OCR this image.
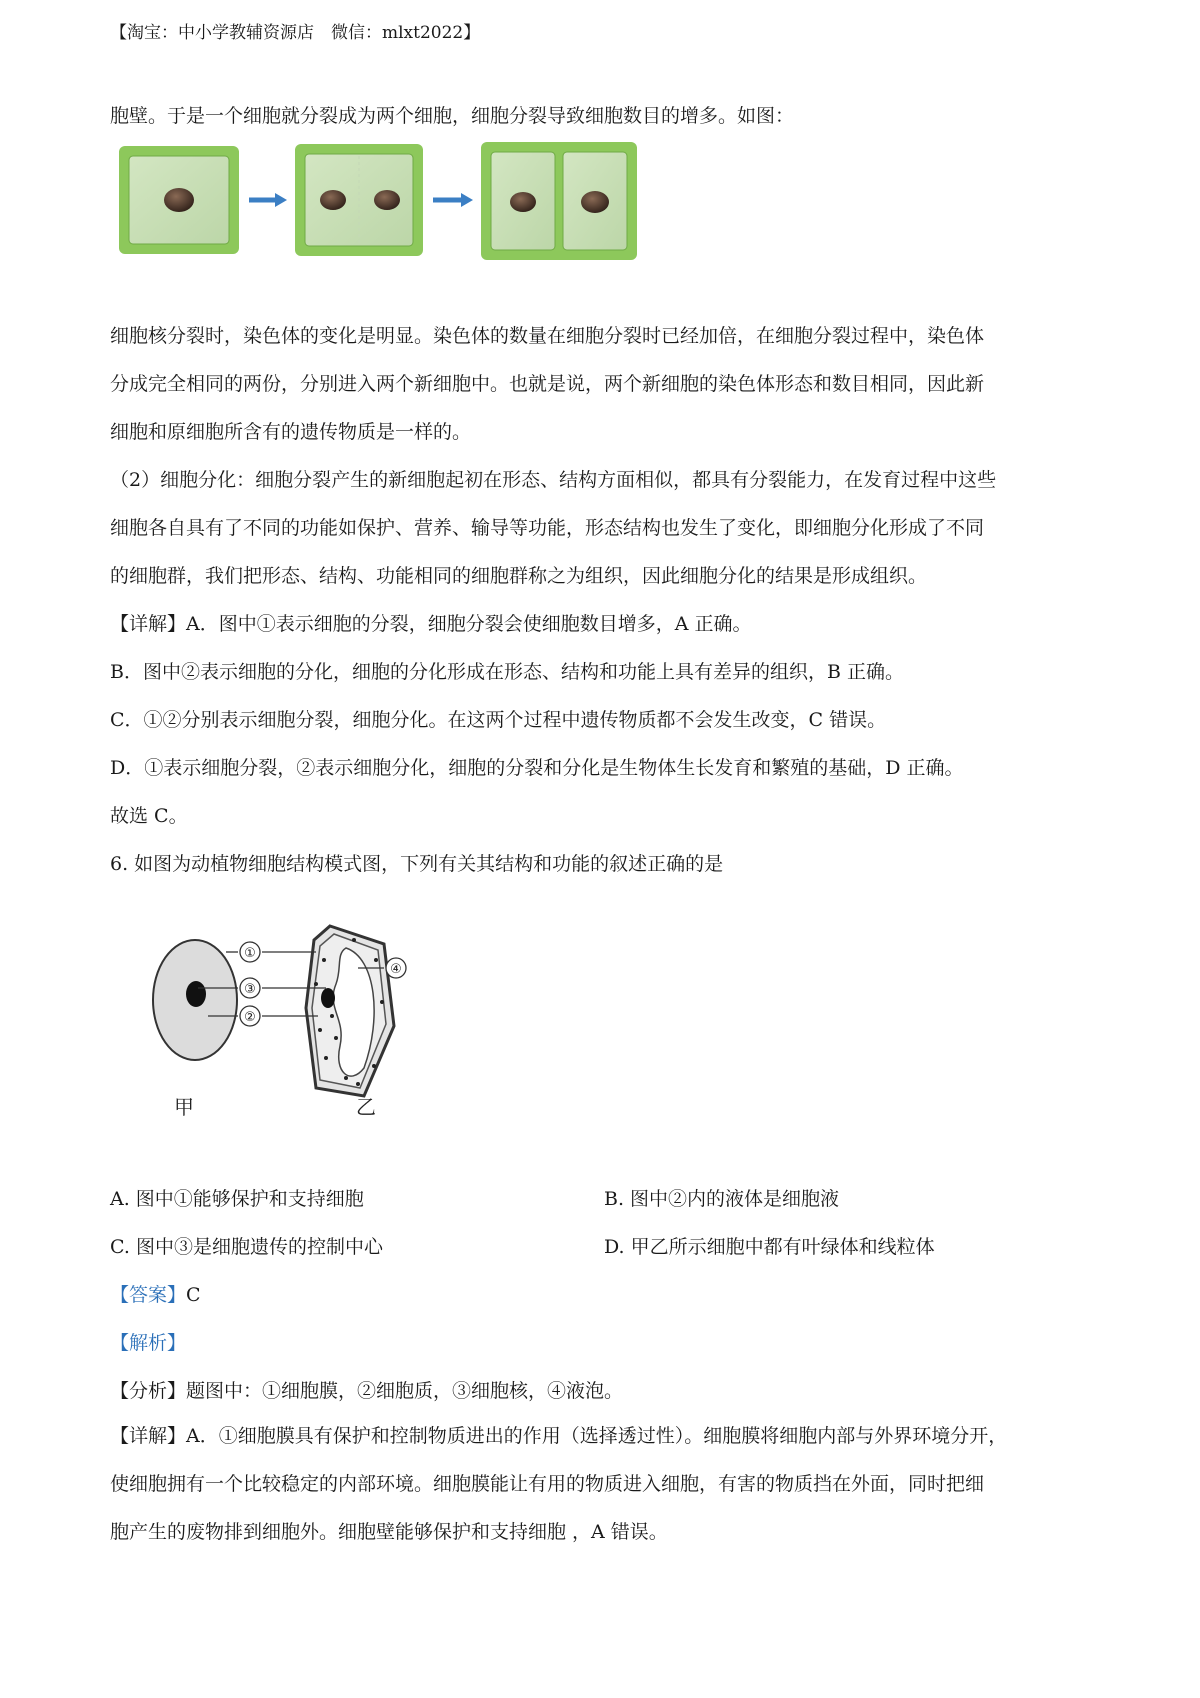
【淘宝：中小学教辅资源店　微信：mlxt2022】

胞壁。于是一个细胞就分裂成为两个细胞，细胞分裂导致细胞数目的增多。如图：

细胞核分裂时，染色体的变化是明显。染色体的数量在细胞分裂时已经加倍，在细胞分裂过程中，染色体
分成完全相同的两份，分别进入两个新细胞中。也就是说，两个新细胞的染色体形态和数目相同，因此新
细胞和原细胞所含有的遗传物质是一样的。

（2）细胞分化：细胞分裂产生的新细胞起初在形态、结构方面相似，都具有分裂能力，在发育过程中这些
细胞各自具有了不同的功能如保护、营养、输导等功能，形态结构也发生了变化，即细胞分化形成了不同
的细胞群，我们把形态、结构、功能相同的细胞群称之为组织，因此细胞分化的结果是形成组织。

【详解】A．图中①表示细胞的分裂，细胞分裂会使细胞数目增多，A 正确。
B．图中②表示细胞的分化，细胞的分化形成在形态、结构和功能上具有差异的组织，B 正确。
C．①②分别表示细胞分裂，细胞分化。在这两个过程中遗传物质都不会发生改变，C 错误。
D．①表示细胞分裂，②表示细胞分化，细胞的分裂和分化是生物体生长发育和繁殖的基础，D 正确。
故选 C。

6. 如图为动植物细胞结构模式图，下列有关其结构和功能的叙述正确的是

①
③
②
④
甲	乙
A. 图中①能够保护和支持细胞	B. 图中②内的液体是细胞液
C. 图中③是细胞遗传的控制中心	D. 甲乙所示细胞中都有叶绿体和线粒体
【答案】C
【解析】
【分析】题图中：①细胞膜，②细胞质，③细胞核，④液泡。

【详解】A．①细胞膜具有保护和控制物质进出的作用（选择透过性）。细胞膜将细胞内部与外界环境分开，
使细胞拥有一个比较稳定的内部环境。细胞膜能让有用的物质进入细胞，有害的物质挡在外面，同时把细
胞产生的废物排到细胞外。细胞壁能够保护和支持细胞 ，A 错误。
